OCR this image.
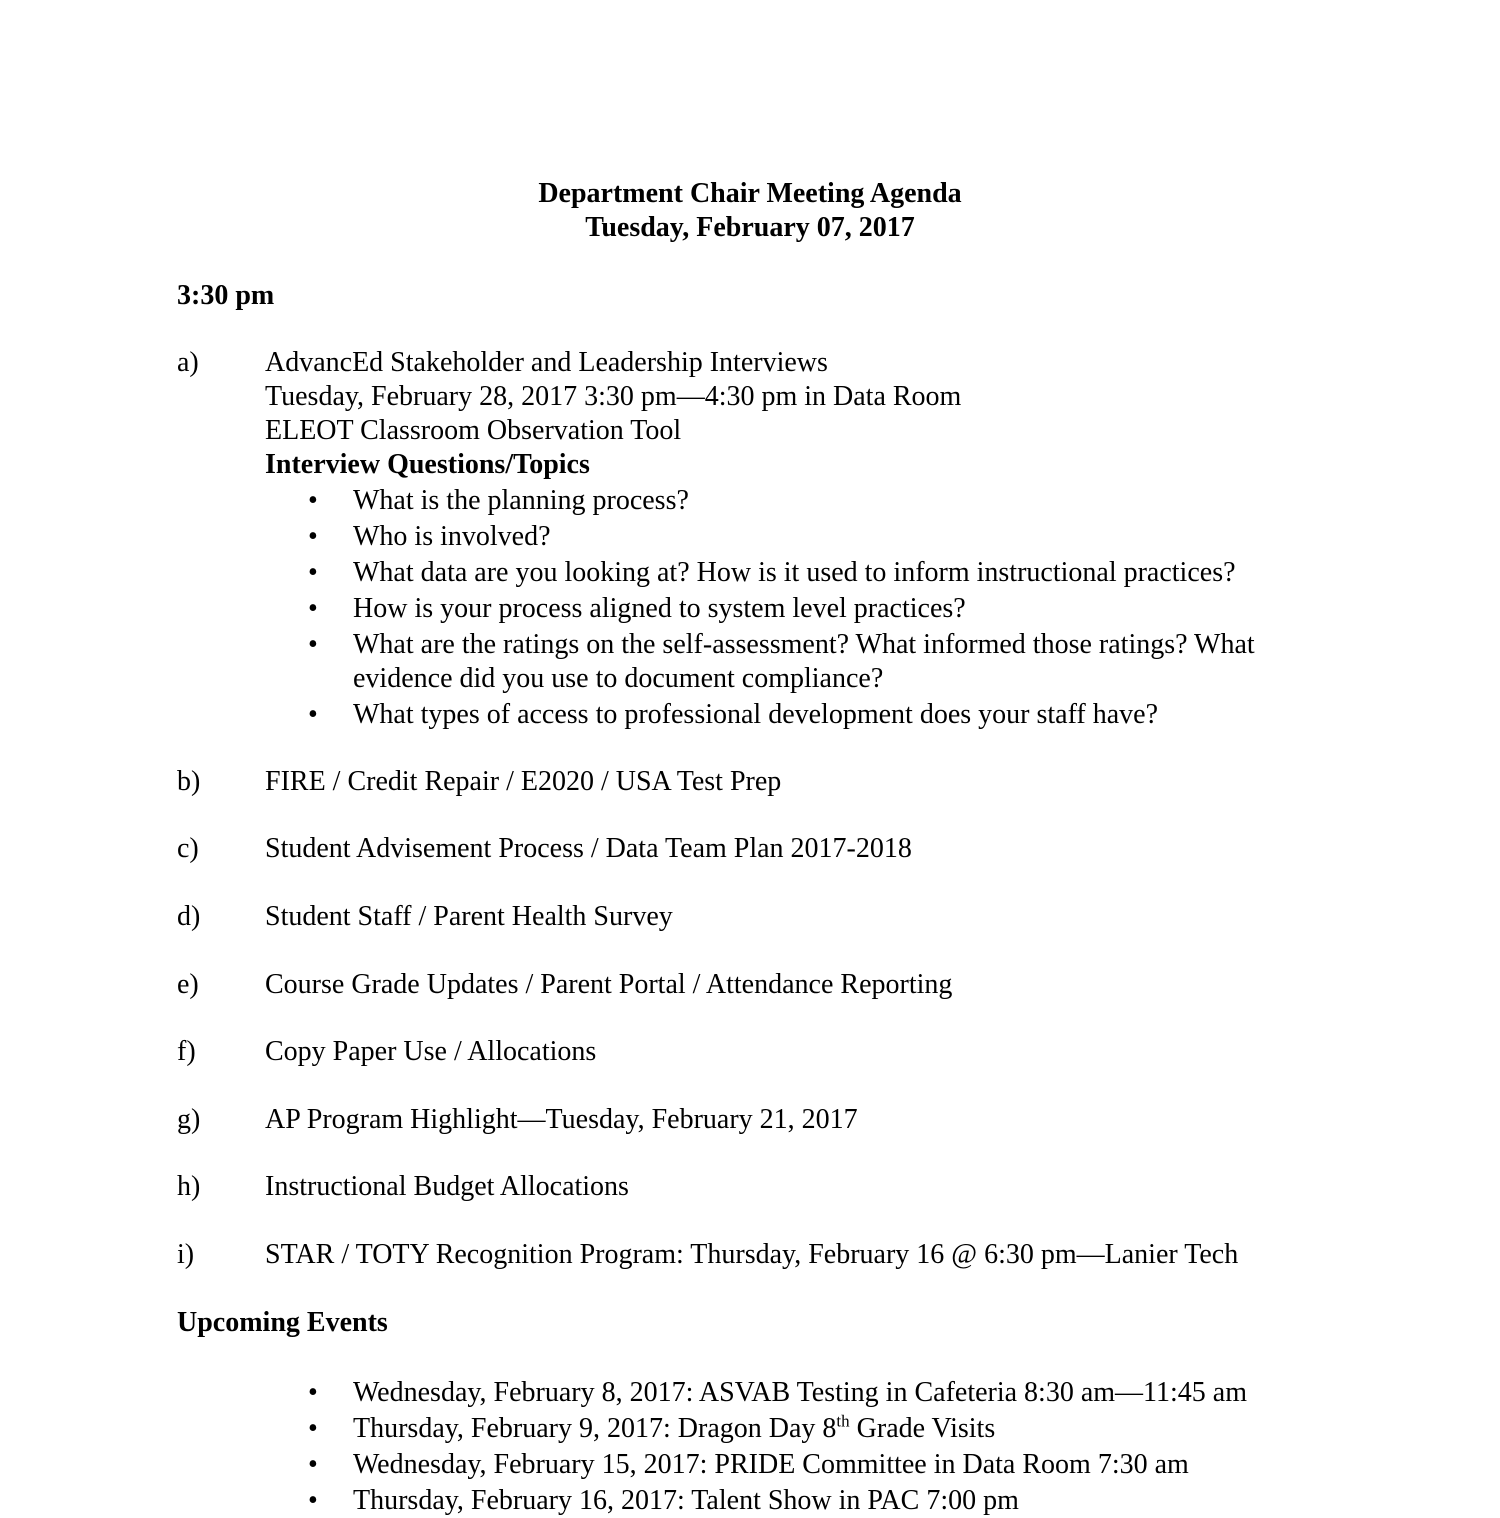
Department Chair Meeting Agenda
Tuesday, February 07, 2017
3:30 pm
a) AdvancEd Stakeholder and Leadership Interviews
Tuesday, February 28, 2017 3:30 pm—4:30 pm in Data Room
ELEOT Classroom Observation Tool
Interview Questions/Topics
• What is the planning process?
• Who is involved?
• What data are you looking at? How is it used to inform instructional practices?
• How is your process aligned to system level practices?
• What are the ratings on the self-assessment? What informed those ratings? What
evidence did you use to document compliance?
• What types of access to professional development does your staff have?
b) FIRE / Credit Repair / E2020 / USA Test Prep
c) Student Advisement Process / Data Team Plan 2017-2018
d) Student Staff / Parent Health Survey
e) Course Grade Updates / Parent Portal / Attendance Reporting
f) Copy Paper Use / Allocations
g) AP Program Highlight—Tuesday, February 21, 2017
h) Instructional Budget Allocations
i)	STAR / TOTY Recognition Program: Thursday, February 16 @ 6:30 pm—Lanier Tech
Upcoming Events
• Wednesday, February 8, 2017: ASVAB Testing in Cafeteria 8:30 am—11:45 am
• Thursday, February 9, 2017: Dragon Day 8th Grade Visits
• Wednesday, February 15, 2017: PRIDE Committee in Data Room 7:30 am
• Thursday, February 16, 2017: Talent Show in PAC 7:00 pm
